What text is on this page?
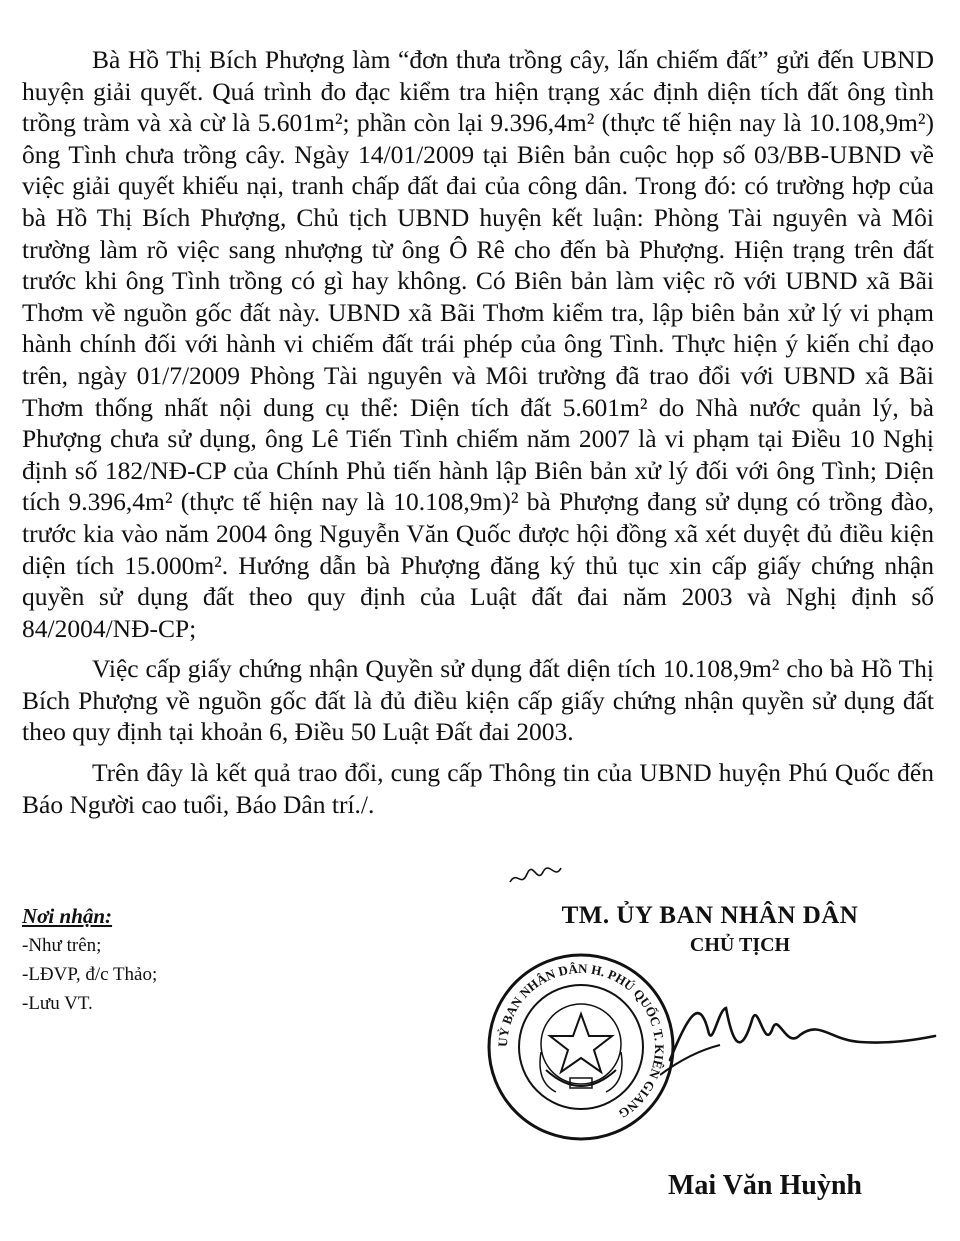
Bà Hồ Thị Bích Phượng làm “đơn thưa trồng cây, lấn chiếm đất” gửi đến UBND huyện giải quyết. Quá trình đo đạc kiểm tra hiện trạng xác định diện tích đất ông tình trồng tràm và xà cừ là 5.601m²; phần còn lại 9.396,4m² (thực tế hiện nay là 10.108,9m²) ông Tình chưa trồng cây. Ngày 14/01/2009 tại Biên bản cuộc họp số 03/BB-UBND về việc giải quyết khiếu nại, tranh chấp đất đai của công dân. Trong đó: có trường hợp của bà Hồ Thị Bích Phượng, Chủ tịch UBND huyện kết luận: Phòng Tài nguyên và Môi trường làm rõ việc sang nhượng từ ông Ô Rê cho đến bà Phượng. Hiện trạng trên đất trước khi ông Tình trồng có gì hay không. Có Biên bản làm việc rõ với UBND xã Bãi Thơm về nguồn gốc đất này. UBND xã Bãi Thơm kiểm tra, lập biên bản xử lý vi phạm hành chính đối với hành vi chiếm đất trái phép của ông Tình. Thực hiện ý kiến chỉ đạo trên, ngày 01/7/2009 Phòng Tài nguyên và Môi trường đã trao đổi với UBND xã Bãi Thơm thống nhất nội dung cụ thể: Diện tích đất 5.601m² do Nhà nước quản lý, bà Phượng chưa sử dụng, ông Lê Tiến Tình chiếm năm 2007 là vi phạm tại Điều 10 Nghị định số 182/NĐ-CP của Chính Phủ tiến hành lập Biên bản xử lý đối với ông Tình; Diện tích 9.396,4m² (thực tế hiện nay là 10.108,9m)² bà Phượng đang sử dụng có trồng đào, trước kia vào năm 2004 ông Nguyễn Văn Quốc được hội đồng xã xét duyệt đủ điều kiện diện tích 15.000m². Hướng dẫn bà Phượng đăng ký thủ tục xin cấp giấy chứng nhận quyền sử dụng đất theo quy định của Luật đất đai năm 2003 và Nghị định số 84/2004/NĐ-CP;

Việc cấp giấy chứng nhận Quyền sử dụng đất diện tích 10.108,9m² cho bà Hồ Thị Bích Phượng về nguồn gốc đất là đủ điều kiện cấp giấy chứng nhận quyền sử dụng đất theo quy định tại khoản 6, Điều 50 Luật Đất đai 2003.

Trên đây là kết quả trao đổi, cung cấp Thông tin của UBND huyện Phú Quốc đến Báo Người cao tuổi, Báo Dân trí./.

Nơi nhận:
-Như trên;
-LĐVP, đ/c Thảo;
-Lưu VT.
TM. ỦY BAN NHÂN DÂN
CHỦ TỊCH
UỶ BAN NHÂN DÂN H. PHÚ QUỐC T. KIÊN GIANG
Mai Văn Huỳnh
